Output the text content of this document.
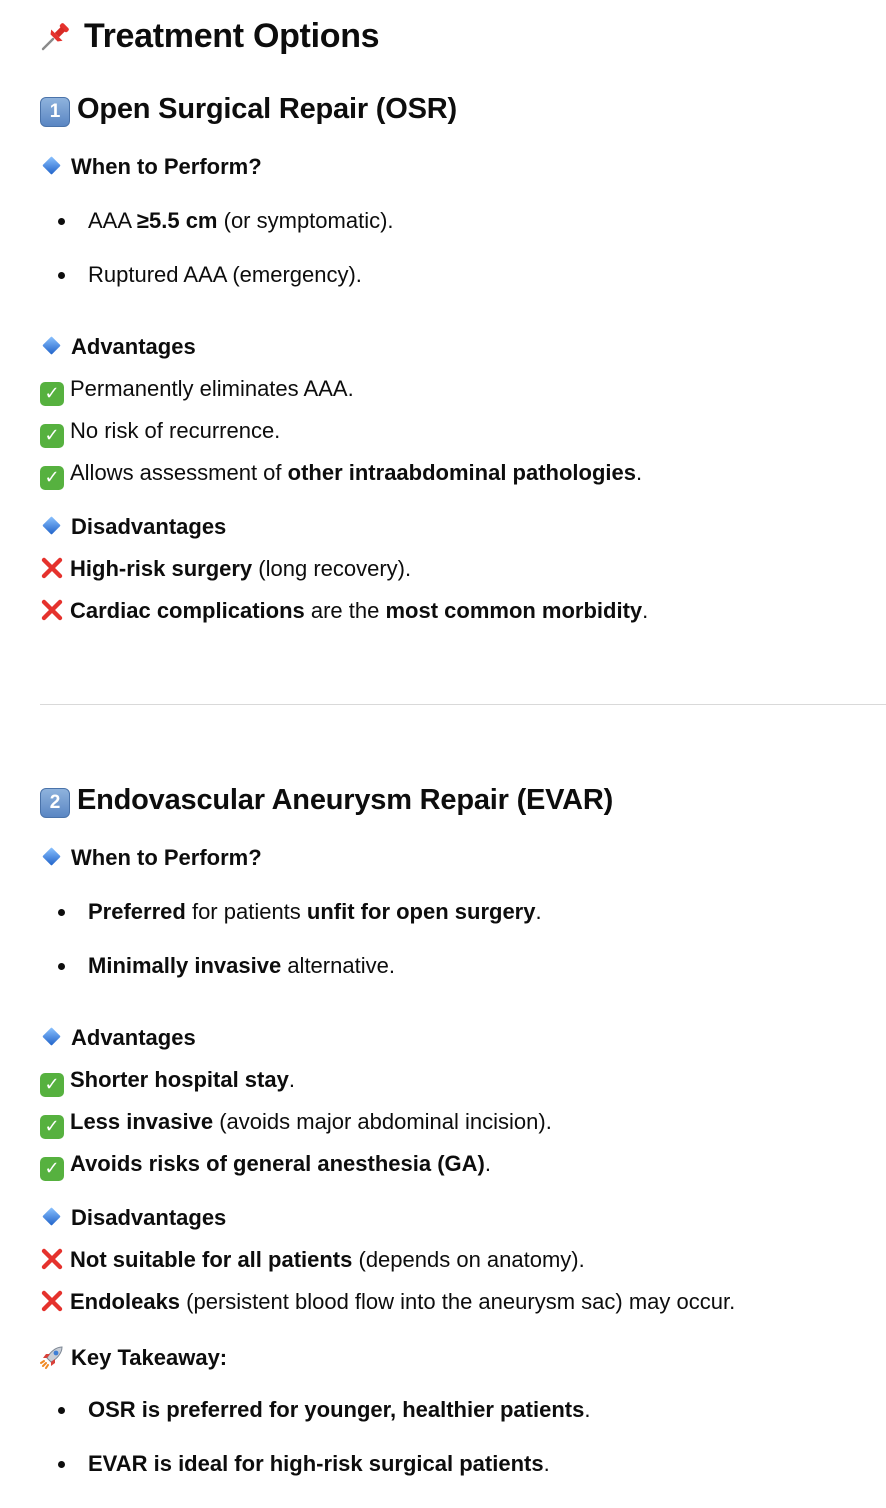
Treatment Options
1 Open Surgical Repair (OSR)
When to Perform?
AAA ≥5.5 cm (or symptomatic).
Ruptured AAA (emergency).
Advantages
✓ Permanently eliminates AAA.
✓ No risk of recurrence.
✓ Allows assessment of other intraabdominal pathologies.
Disadvantages
High-risk surgery (long recovery).
Cardiac complications are the most common morbidity.
2 Endovascular Aneurysm Repair (EVAR)
When to Perform?
Preferred for patients unfit for open surgery.
Minimally invasive alternative.
Advantages
✓ Shorter hospital stay.
✓ Less invasive (avoids major abdominal incision).
✓ Avoids risks of general anesthesia (GA).
Disadvantages
Not suitable for all patients (depends on anatomy).
Endoleaks (persistent blood flow into the aneurysm sac) may occur.
Key Takeaway:
OSR is preferred for younger, healthier patients.
EVAR is ideal for high-risk surgical patients.
